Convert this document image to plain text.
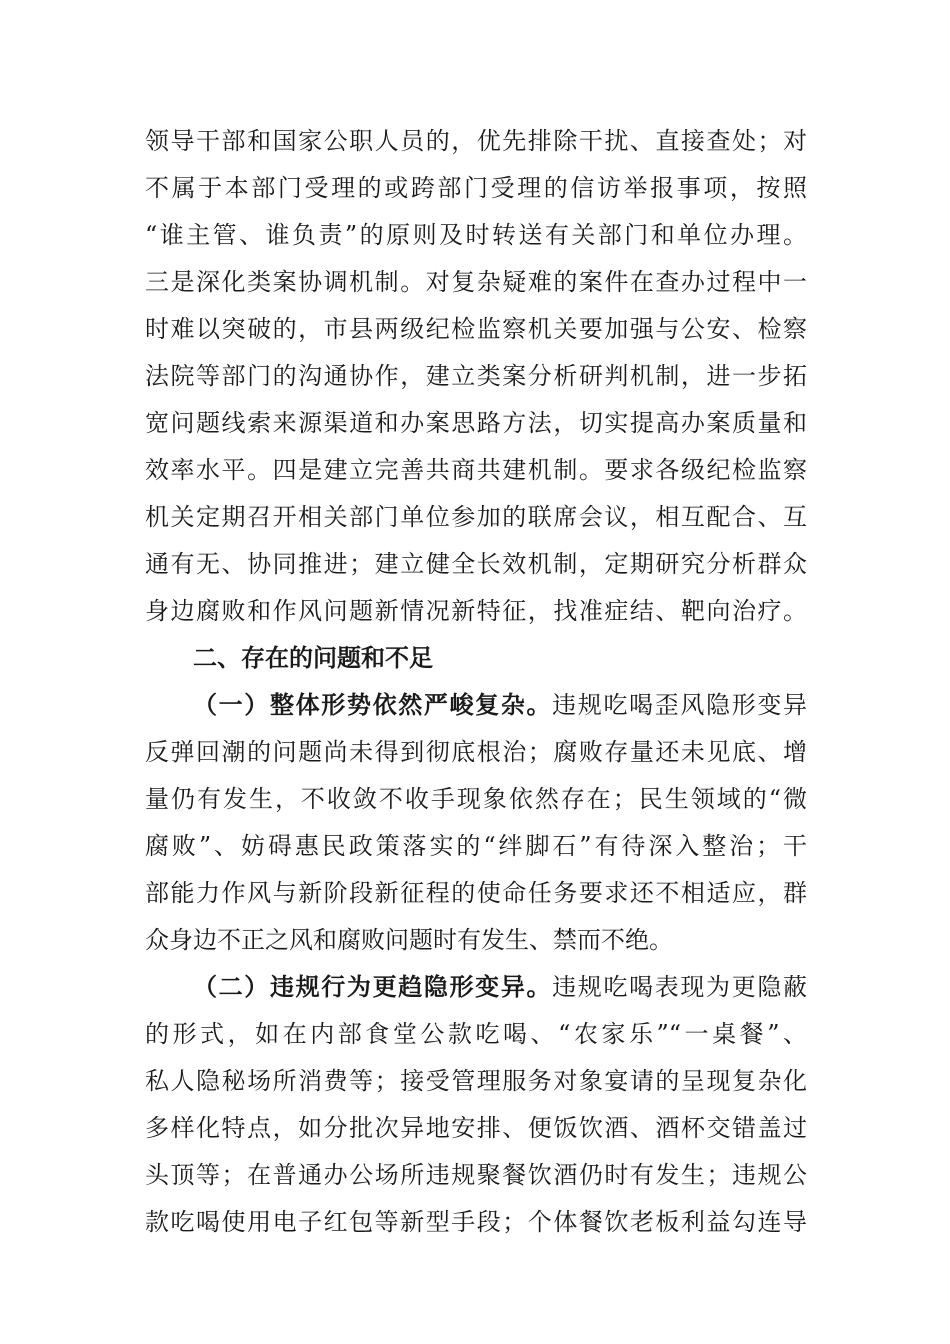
领导干部和国家公职人员的，优先排除干扰、直接查处；对
不属于本部门受理的或跨部门受理的信访举报事项，按照
“谁主管、谁负责”的原则及时转送有关部门和单位办理。
三是深化类案协调机制。对复杂疑难的案件在查办过程中一
时难以突破的，市县两级纪检监察机关要加强与公安、检察
法院等部门的沟通协作，建立类案分析研判机制，进一步拓
宽问题线索来源渠道和办案思路方法，切实提高办案质量和
效率水平。四是建立完善共商共建机制。要求各级纪检监察
机关定期召开相关部门单位参加的联席会议，相互配合、互
通有无、协同推进；建立健全长效机制，定期研究分析群众
身边腐败和作风问题新情况新特征，找准症结、靶向治疗。
二、存在的问题和不足
（一）整体形势依然严峻复杂。违规吃喝歪风隐形变异
反弹回潮的问题尚未得到彻底根治；腐败存量还未见底、增
量仍有发生，不收敛不收手现象依然存在；民生领域的“微
腐败”、妨碍惠民政策落实的“绊脚石”有待深入整治；干
部能力作风与新阶段新征程的使命任务要求还不相适应，群
众身边不正之风和腐败问题时有发生、禁而不绝。
（二）违规行为更趋隐形变异。违规吃喝表现为更隐蔽
的形式，如在内部食堂公款吃喝、“农家乐”“一桌餐”、
私人隐秘场所消费等；接受管理服务对象宴请的呈现复杂化
多样化特点，如分批次异地安排、便饭饮酒、酒杯交错盖过
头顶等；在普通办公场所违规聚餐饮酒仍时有发生；违规公
款吃喝使用电子红包等新型手段；个体餐饮老板利益勾连导
